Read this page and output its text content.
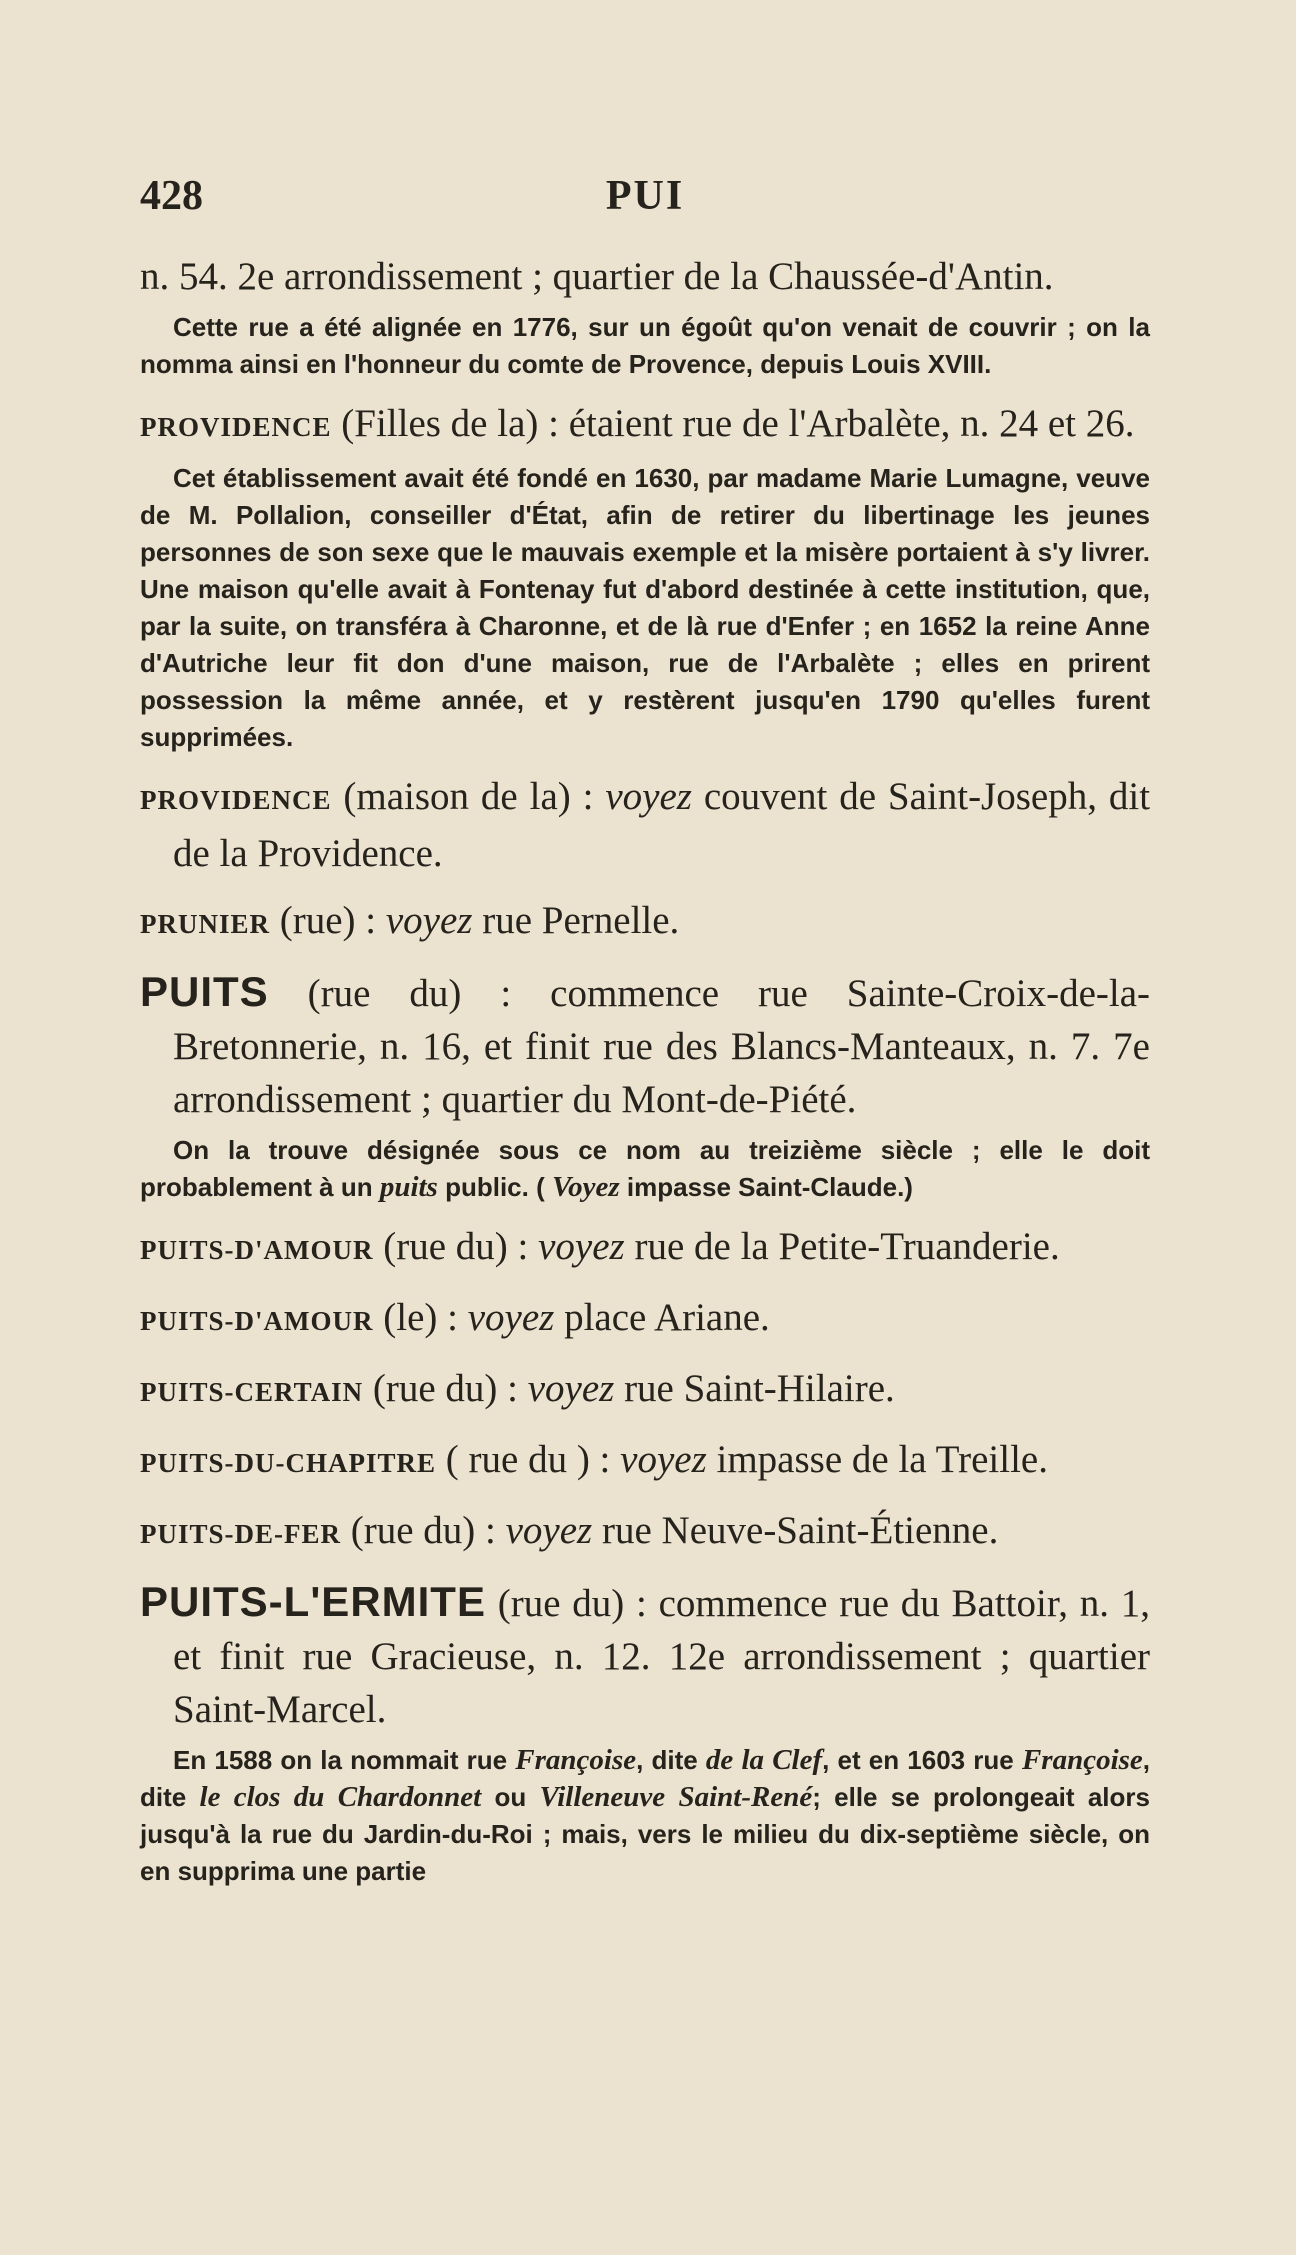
428	PUI

n. 54. 2e arrondissement ; quartier de la Chaussée-d'Antin.

Cette rue a été alignée en 1776, sur un égoût qu'on venait de couvrir ; on la nomma ainsi en l'honneur du comte de Provence, depuis Louis XVIII.

PROVIDENCE (Filles de la) : étaient rue de l'Arbalète, n. 24 et 26.

Cet établissement avait été fondé en 1630, par madame Marie Lumagne, veuve de M. Pollalion, conseiller d'État, afin de retirer du libertinage les jeunes personnes de son sexe que le mauvais exemple et la misère portaient à s'y livrer. Une maison qu'elle avait à Fontenay fut d'abord destinée à cette institution, que, par la suite, on transféra à Charonne, et de là rue d'Enfer ; en 1652 la reine Anne d'Autriche leur fit don d'une maison, rue de l'Arbalète ; elles en prirent possession la même année, et y restèrent jusqu'en 1790 qu'elles furent supprimées.

PROVIDENCE (maison de la) : voyez couvent de Saint-Joseph, dit de la Providence.

PRUNIER (rue) : voyez rue Pernelle.

PUITS (rue du) : commence rue Sainte-Croix-de-la-Bretonnerie, n. 16, et finit rue des Blancs-Manteaux, n. 7. 7e arrondissement ; quartier du Mont-de-Piété.

On la trouve désignée sous ce nom au treizième siècle ; elle le doit probablement à un puits public. ( Voyez impasse Saint-Claude.)

PUITS-D'AMOUR (rue du) : voyez rue de la Petite-Truanderie.

PUITS-D'AMOUR (le) : voyez place Ariane.

PUITS-CERTAIN (rue du) : voyez rue Saint-Hilaire.

PUITS-DU-CHAPITRE ( rue du ) : voyez impasse de la Treille.

PUITS-DE-FER (rue du) : voyez rue Neuve-Saint-Étienne.

PUITS-L'ERMITE (rue du) : commence rue du Battoir, n. 1, et finit rue Gracieuse, n. 12. 12e arrondissement ; quartier Saint-Marcel.

En 1588 on la nommait rue Françoise, dite de la Clef, et en 1603 rue Françoise, dite le clos du Chardonnet ou Villeneuve Saint-René; elle se prolongeait alors jusqu'à la rue du Jardin-du-Roi ; mais, vers le milieu du dix-septième siècle, on en supprima une partie
